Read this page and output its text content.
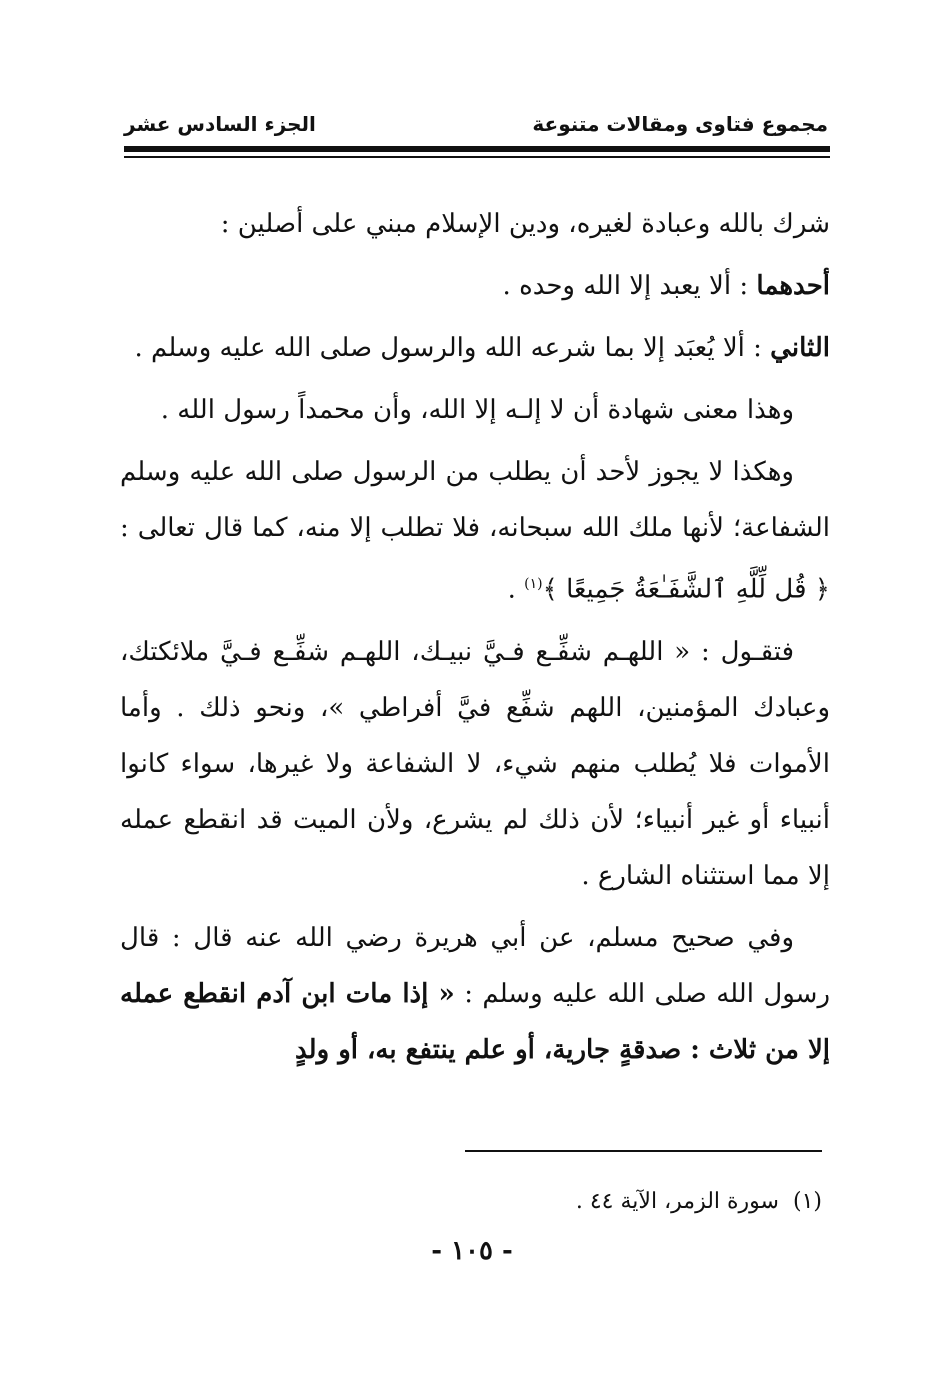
مجموع فتاوى ومقالات متنوعة
الجزء السادس عشر

شرك بالله وعبادة لغيره، ودين الإسلام مبني على أصلين :

أحدهما : ألا يعبد إلا الله وحده .

الثاني : ألا يُعبَد إلا بما شرعه الله والرسول صلى الله عليه وسلم .

وهذا معنى شهادة أن لا إلـه إلا الله، وأن محمداً رسول الله .

وهكذا لا يجوز لأحد أن يطلب من الرسول صلى الله عليه وسلم الشفاعة؛ لأنها ملك الله سبحانه، فلا تطلب إلا منه، كما قال تعالى : ﴿ قُل لِّلَّهِ ٱلشَّفَـٰعَةُ جَمِيعًا ﴾$^{(١)}$ .

فتقـول : « اللهـم شفِّـع فـيَّ نبيـك، اللهـم شفِّـع فـيَّ ملائكتك، وعبادك المؤمنين، اللهم شفِّع فيَّ أفراطي »، ونحو ذلك . وأما الأموات فلا يُطلب منهم شيء، لا الشفاعة ولا غيرها، سواء كانوا أنبياء أو غير أنبياء؛ لأن ذلك لم يشرع، ولأن الميت قد انقطع عمله إلا مما استثناه الشارع .

وفي صحيح مسلم، عن أبي هريرة رضي الله عنه قال : قال رسول الله صلى الله عليه وسلم : « إذا مات ابن آدم انقطع عمله إلا من ثلاث : صدقةٍ جارية، أو علم ينتفع به، أو ولدٍ

(١)  سورة الزمر، الآية ٤٤ .
- ١٠٥ -
